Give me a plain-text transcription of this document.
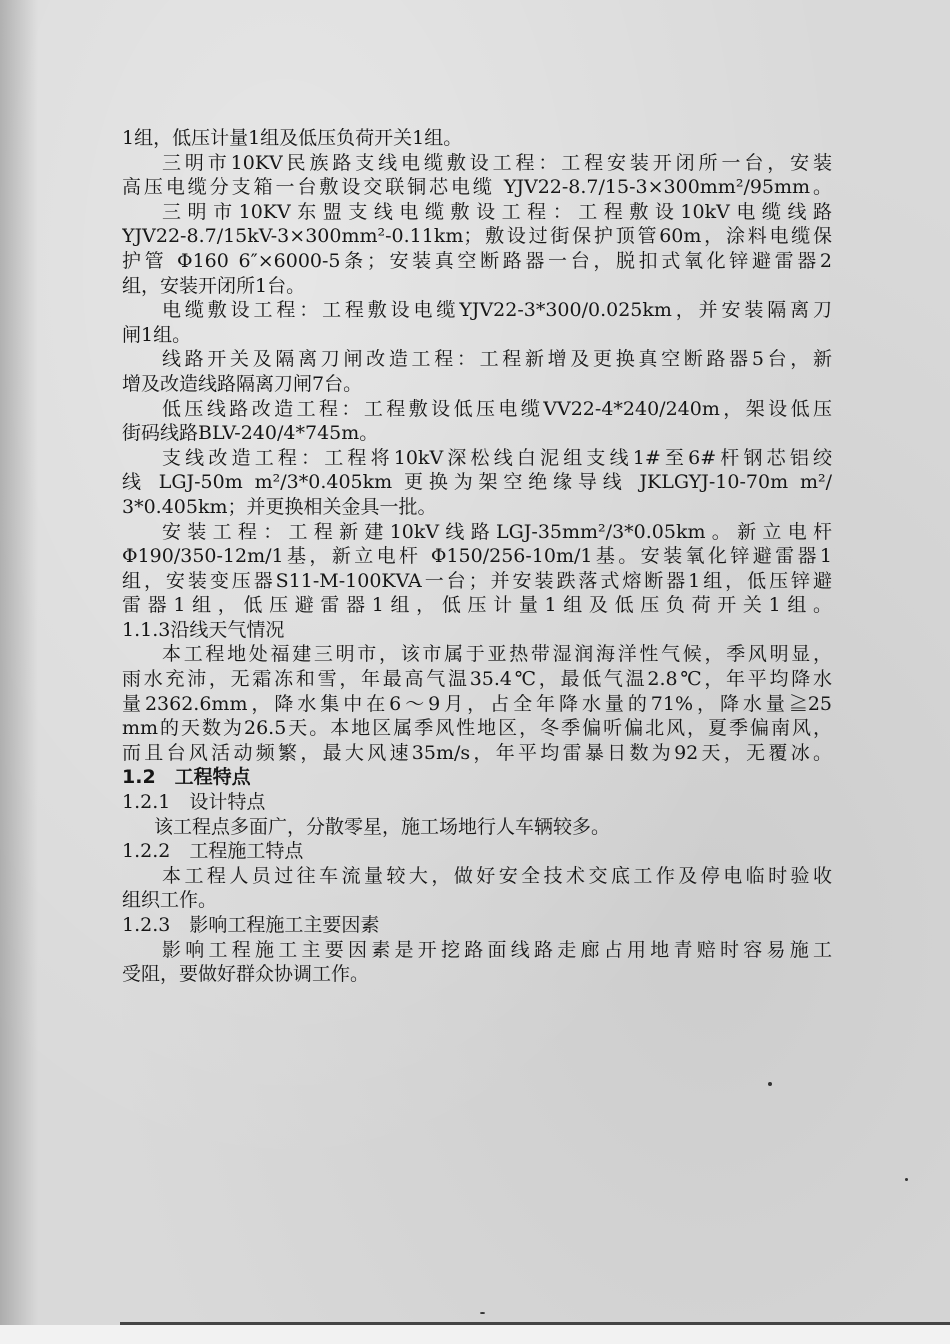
1组，低压计量1组及低压负荷开关1组。
三明市10KV民族路支线电缆敷设工程：工程安装开闭所一台，安装
高压电缆分支箱一台敷设交联铜芯电缆 YJV22-8.7/15-3×300mm²/95mm。
三明市10KV东盟支线电缆敷设工程：工程敷设10kV电缆线路
YJV22-8.7/15kV-3×300mm²-0.11km；敷设过街保护顶管60m，涂料电缆保
护管 Φ160 6″×6000-5条；安装真空断路器一台，脱扣式氧化锌避雷器2
组，安装开闭所1台。
电缆敷设工程：工程敷设电缆YJV22-3*300/0.025km，并安装隔离刀
闸1组。
线路开关及隔离刀闸改造工程：工程新增及更换真空断路器5台，新
增及改造线路隔离刀闸7台。
低压线路改造工程：工程敷设低压电缆VV22-4*240/240m，架设低压
街码线路BLV-240/4*745m。
支线改造工程：工程将10kV深松线白泥组支线1#至6#杆钢芯铝绞
线 LGJ-50m m²/3*0.405km 更换为架空绝缘导线 JKLGYJ-10-70m m²/
3*0.405km；并更换相关金具一批。
安装工程：工程新建10kV线路LGJ-35mm²/3*0.05km。新立电杆
Φ190/350-12m/1基，新立电杆 Φ150/256-10m/1基。安装氧化锌避雷器1
组，安装变压器S11-M-100KVA一台；并安装跌落式熔断器1组，低压锌避
雷器1组，低压避雷器1组，低压计量1组及低压负荷开关1组。
1.1.3沿线天气情况
本工程地处福建三明市，该市属于亚热带湿润海洋性气候，季风明显，
雨水充沛，无霜冻和雪，年最高气温35.4℃，最低气温2.8℃，年平均降水
量2362.6mm，降水集中在6～9月，占全年降水量的71%，降水量≧25
mm的天数为26.5天。本地区属季风性地区，冬季偏听偏北风，夏季偏南风，
而且台风活动频繁，最大风速35m/s，年平均雷暴日数为92天，无覆冰。
1.2　工程特点
1.2.1　设计特点
该工程点多面广，分散零星，施工场地行人车辆较多。
1.2.2　工程施工特点
本工程人员过往车流量较大，做好安全技术交底工作及停电临时验收
组织工作。
1.2.3　影响工程施工主要因素
影响工程施工主要因素是开挖路面线路走廊占用地青赔时容易施工
受阻，要做好群众协调工作。
